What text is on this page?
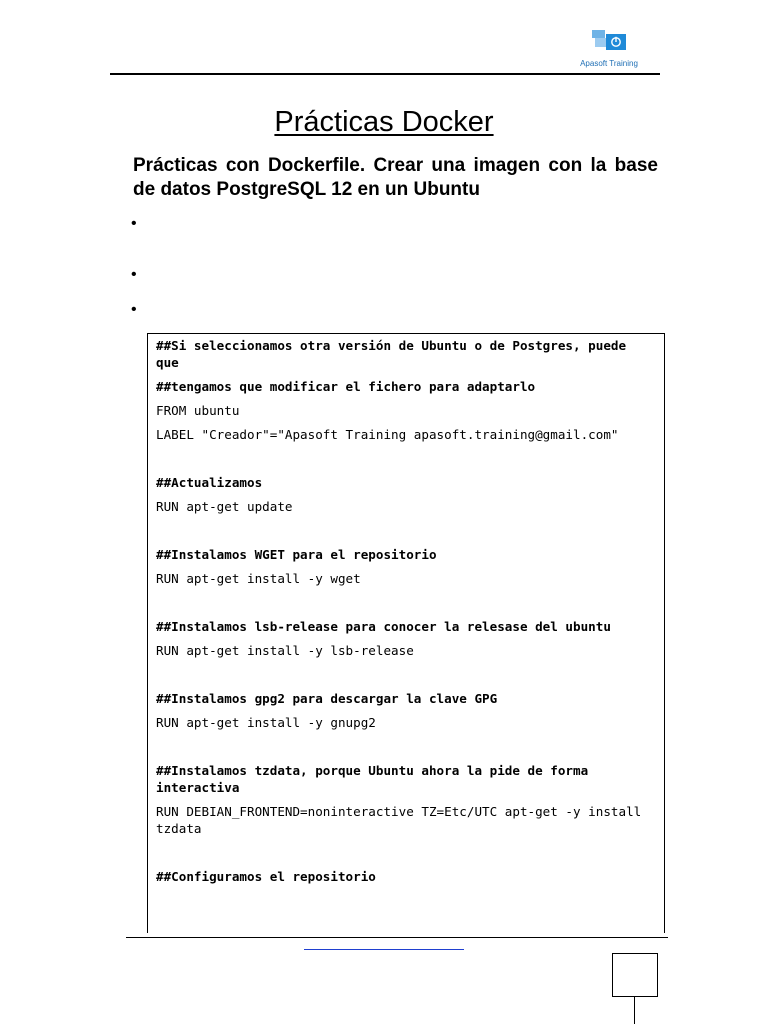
Apasoft Training
Prácticas Docker
Prácticas con Dockerfile. Crear una imagen con la base de datos PostgreSQL 12 en un Ubuntu
•
•
•

##Si seleccionamos otra versión de Ubuntu o de Postgres, puede que

##tengamos que modificar el fichero para adaptarlo

FROM ubuntu

LABEL "Creador"="Apasoft Training apasoft.training@gmail.com"

##Actualizamos

RUN apt-get update

##Instalamos WGET para el repositorio

RUN apt-get install -y wget

##Instalamos lsb-release para conocer la relesase del ubuntu

RUN apt-get install -y lsb-release

##Instalamos gpg2 para descargar la clave GPG

RUN apt-get install -y gnupg2

##Instalamos tzdata, porque Ubuntu ahora la pide de forma interactiva

RUN DEBIAN_FRONTEND=noninteractive TZ=Etc/UTC apt-get -y install tzdata

##Configuramos el repositorio
